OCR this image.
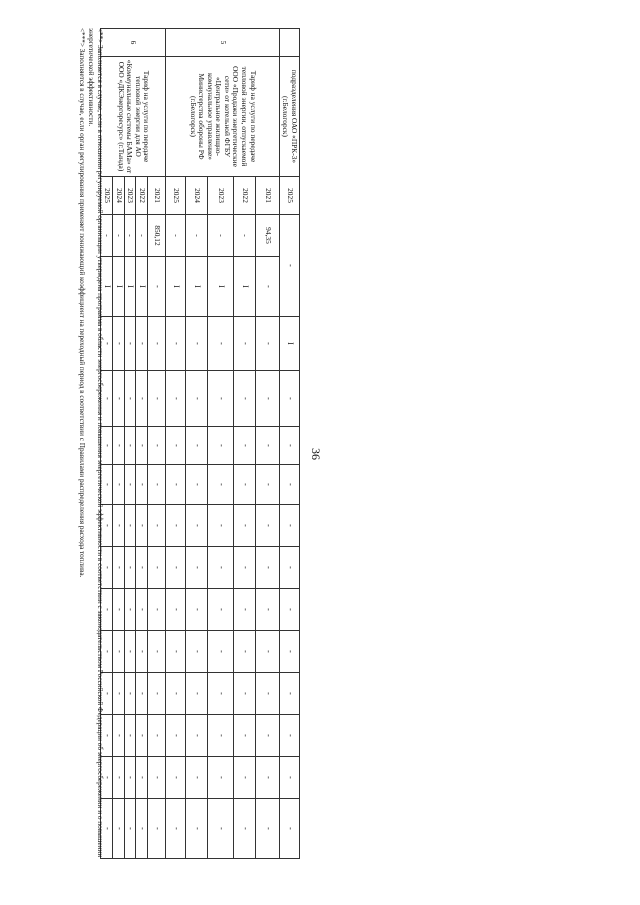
36
	подразделения ОАО «ПРК-3» (г.Белогорск)	2025	-		I	-	-	-	-	-	-	-	-	-	-	-	
5	Тариф на услуги по передаче тепловой энергии, отпускаемой ООО «Продажи энергетические сети» от котельной ФГБУ «Центральное жилищно-коммунальное управление» Министерства обороны РФ (г.Белогорск)	2021	94,35	-	-	-	-	-	-	-	-	-	-	-	-	-	
		2022	-	I	-	-	-	-	-	-	-	-	-	-	-	-	
		2023	-	I	-	-	-	-	-	-	-	-	-	-	-	-	
		2024	-	I	-	-	-	-	-	-	-	-	-	-	-	-	
		2025	-	I	-	-	-	-	-	-	-	-	-	-	-	-	
6	Тариф на услуги по передаче тепловой энергии для АО «Коммунальные системы БАМа» от ООО «ДКЭнергоресурс» (г.Тында)	2021	850,12	-	-	-	-	-	-	-	-	-	-	-	-	-	
		2022	-	I	-	-	-	-	-	-	-	-	-	-	-	-	
		2023	-	I	-	-	-	-	-	-	-	-	-	-	-	-	
		2024	-	I	-	-	-	-	-	-	-	-	-	-	-	-	
		2025	-	I	-	-	-	-	-	-	-	-	-	-	-	-	

<**> Заполняется в случае, если в отношении регулируемой организации утверждена программа в области энергосбережения и повышения энергетической эффективности в соответствии с законодательством Российской Федерации об энергосбережении и о повышении энергетической эффективности.

<***> Заполняется в случае, если орган регулирования применяет понижающий коэффициент на переходный период в соответствии с Правилами распределения расхода топлива.
